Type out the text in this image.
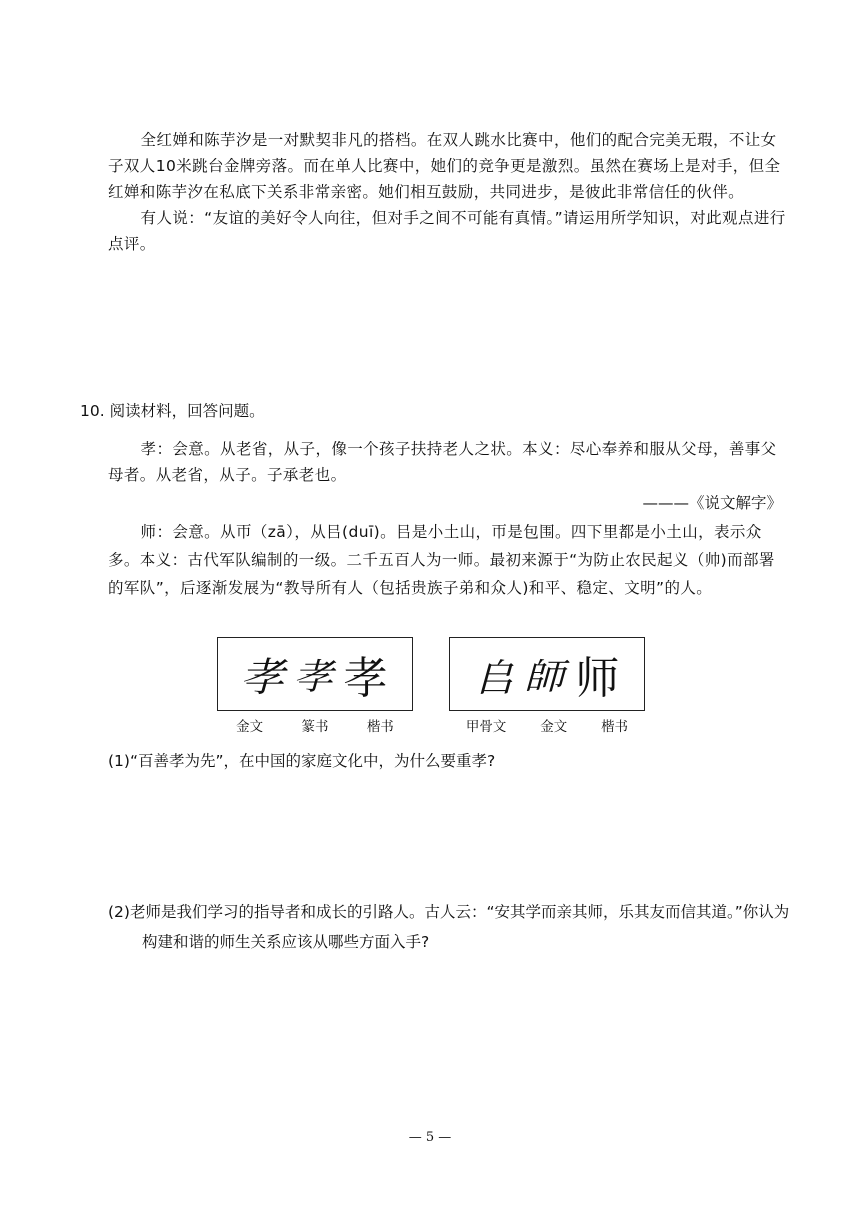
全红婵和陈芋汐是一对默契非凡的搭档。在双人跳水比赛中，他们的配合完美无瑕，不让女子双人10米跳台金牌旁落。而在单人比赛中，她们的竞争更是激烈。虽然在赛场上是对手，但全红婵和陈芋汐在私底下关系非常亲密。她们相互鼓励，共同进步，是彼此非常信任的伙伴。

有人说：“友谊的美好令人向往，但对手之间不可能有真情。”请运用所学知识，对此观点进行点评。

10. 阅读材料，回答问题。

孝：会意。从老省，从子，像一个孩子扶持老人之状。本义：尽心奉养和服从父母，善事父母者。从老省，从子。子承老也。

———《说文解字》

师：会意。从帀（zā），从㠯(duī)。㠯是小土山，帀是包围。四下里都是小土山，表示众多。本义：古代军队编制的一级。二千五百人为一师。最初来源于“为防止农民起义（帅)而部署的军队”，后逐渐发展为“教导所有人（包括贵族子弟和众人)和平、稳定、文明”的人。

孝 孝 孝
金文	篆书	楷书
𠂤 師 师
甲骨文	金文	楷书

(1)“百善孝为先”，在中国的家庭文化中，为什么要重孝?

(2)老师是我们学习的指导者和成长的引路人。古人云：“安其学而亲其师，乐其友而信其道。”你认为构建和谐的师生关系应该从哪些方面入手?

— 5 —
